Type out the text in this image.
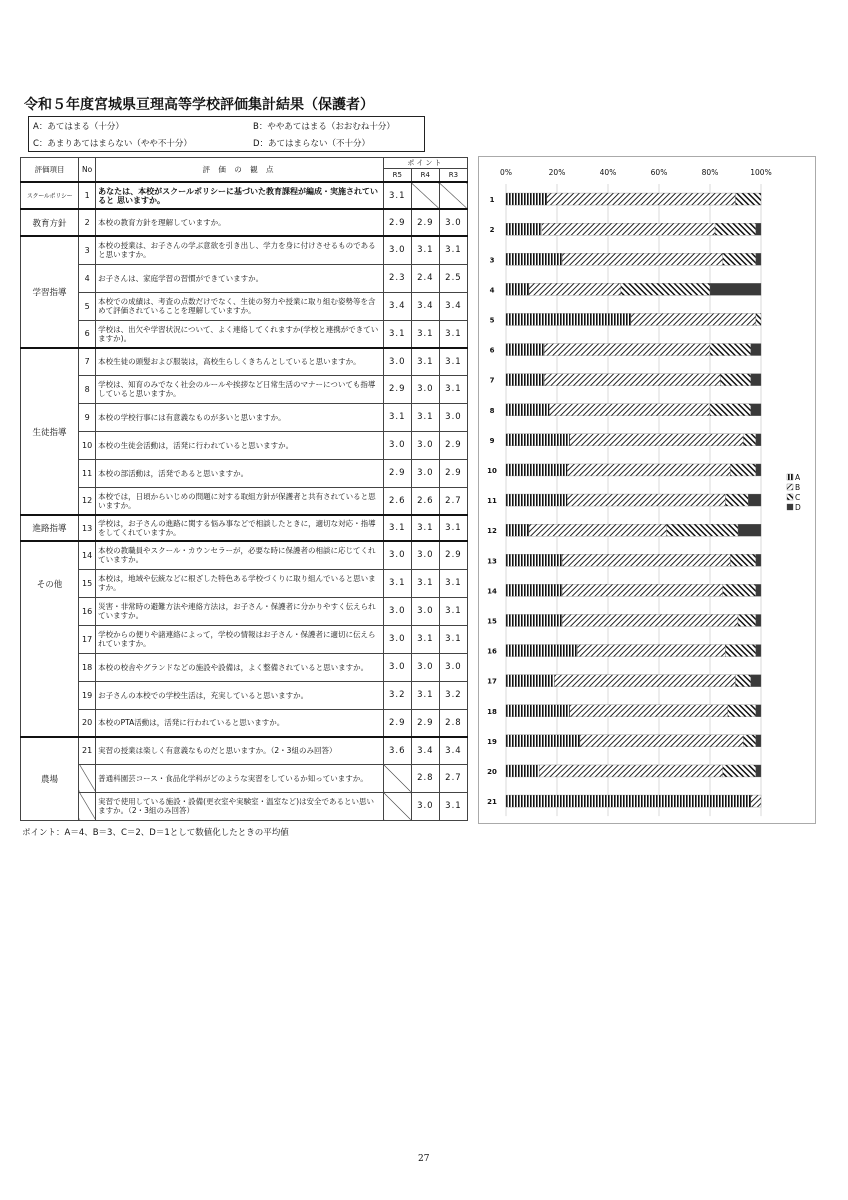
令和５年度宮城県亘理高等学校評価集計結果（保護者）
A：あてはまる（十分）	B：ややあてはまる（おおむね十分）
C：あまりあてはまらない（やや不十分）	D：あてはまらない（不十分）
評価項目	No	評 価 の 観 点	ポイント		
			R5	R4	R3
スクールポリシー	1	あなたは、本校がスクールポリシーに基づいた教育課程が編成・実施されていると 思いますか。	3.1		
教育方針	2	本校の教育方針を理解していますか。	2.9	2.9	3.0
学習指導	3	本校の授業は、お子さんの学ぶ意欲を引き出し、学力を身に付けさせるものであると思いますか。	3.0	3.1	3.1
	4	お子さんは、家庭学習の習慣ができていますか。	2.3	2.4	2.5
	5	本校での成績は、考査の点数だけでなく、生徒の努力や授業に取り組む姿勢等を含めて評価されていることを理解していますか。	3.4	3.4	3.4
	6	学校は、出欠や学習状況について、よく連絡してくれますか(学校と連携ができていますか)。	3.1	3.1	3.1
生徒指導	7	本校生徒の頭髪および服装は，高校生らしくきちんとしていると思いますか。	3.0	3.1	3.1
	8	学校は、知育のみでなく社会のルールや挨拶など日常生活のマナーについても指導していると思いますか。	2.9	3.0	3.1
	9	本校の学校行事には有意義なものが多いと思いますか。	3.1	3.1	3.0
	10	本校の生徒会活動は，活発に行われていると思いますか。	3.0	3.0	2.9
	11	本校の部活動は，活発であると思いますか。	2.9	3.0	2.9
	12	本校では，日頃からいじめの問題に対する取組方針が保護者と共有されていると思いますか。	2.6	2.6	2.7
進路指導	13	学校は，お子さんの進路に関する悩み事などで相談したときに，適切な対応・指導をしてくれていますか。	3.1	3.1	3.1
その他	14	本校の教職員やスクール・カウンセラーが，必要な時に保護者の相談に応じてくれていますか。	3.0	3.0	2.9
	15	本校は，地域や伝統などに根ざした特色ある学校づくりに取り組んでいると思いますか。	3.1	3.1	3.1
	16	災害・非常時の避難方法や連絡方法は，お子さん・保護者に分かりやすく伝えられていますか。	3.0	3.0	3.1
	17	学校からの便りや諸連絡によって，学校の情報はお子さん・保護者に適切に伝えられていますか。	3.0	3.1	3.1
	18	本校の校舎やグランドなどの施設や設備は，よく整備されていると思いますか。	3.0	3.0	3.0
	19	お子さんの本校での学校生活は，充実していると思いますか。	3.2	3.1	3.2
	20	本校のPTA活動は，活発に行われていると思いますか。	2.9	2.9	2.8
農場	21	実習の授業は楽しく有意義なものだと思いますか。（2・3組のみ回答）	3.6	3.4	3.4
		普通科園芸コース・食品化学科がどのような実習をしているか知っていますか。		2.8	2.7
		実習で使用している施設・設備(更衣室や実験室・温室など)は安全であるとい思いますか。（2・3組のみ回答）		3.0	3.1
ポイント：A＝4、B＝3、C＝2、D＝1として数値化したときの平均値
0%	20%	40%	60%	80%	100%
1
2
3
4
5
6
7
8
9
10
11
12
13
14
15
16
17
18
19
20
21
A
B
C
D
27
